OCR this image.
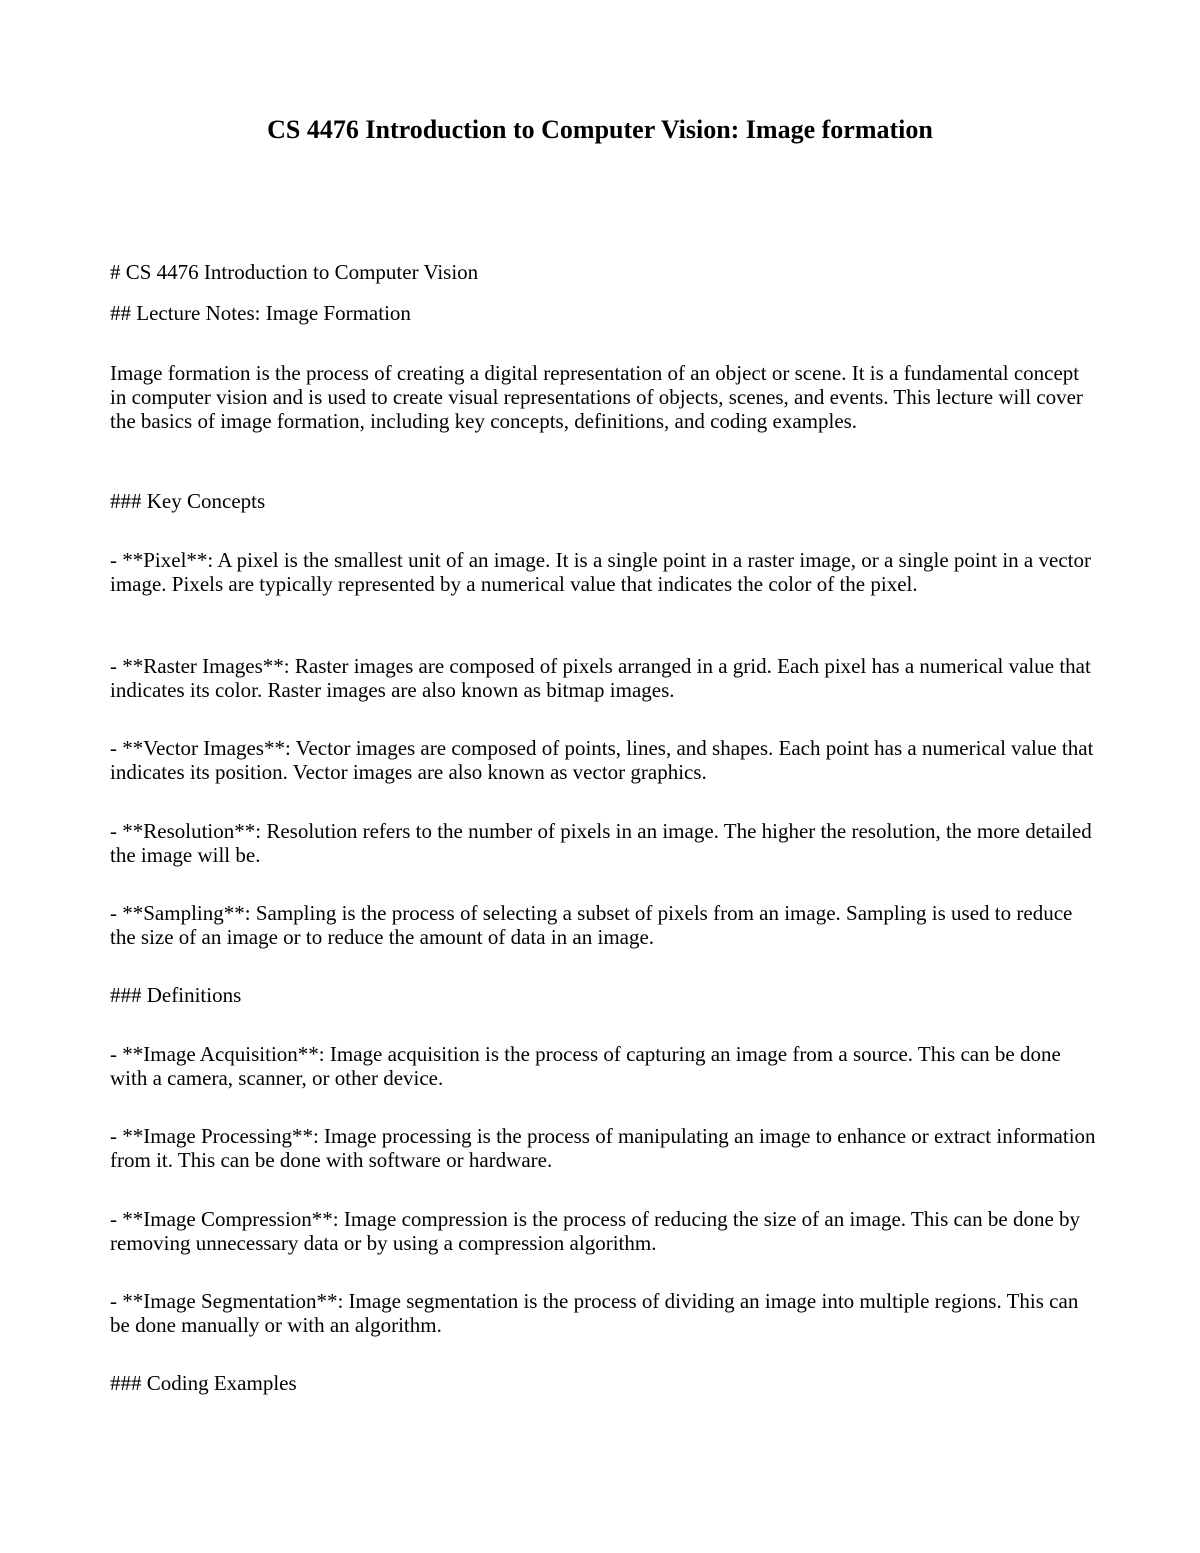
CS 4476 Introduction to Computer Vision: Image formation

# CS 4476 Introduction to Computer Vision

## Lecture Notes: Image Formation

Image formation is the process of creating a digital representation of an object or scene. It is a fundamental concept in computer vision and is used to create visual representations of objects, scenes, and events. This lecture will cover the basics of image formation, including key concepts, definitions, and coding examples.

### Key Concepts

- **Pixel**: A pixel is the smallest unit of an image. It is a single point in a raster image, or a single point in a vector image. Pixels are typically represented by a numerical value that indicates the color of the pixel.

- **Raster Images**: Raster images are composed of pixels arranged in a grid. Each pixel has a numerical value that indicates its color. Raster images are also known as bitmap images.

- **Vector Images**: Vector images are composed of points, lines, and shapes. Each point has a numerical value that indicates its position. Vector images are also known as vector graphics.

- **Resolution**: Resolution refers to the number of pixels in an image. The higher the resolution, the more detailed the image will be.

- **Sampling**: Sampling is the process of selecting a subset of pixels from an image. Sampling is used to reduce the size of an image or to reduce the amount of data in an image.

### Definitions

- **Image Acquisition**: Image acquisition is the process of capturing an image from a source. This can be done with a camera, scanner, or other device.

- **Image Processing**: Image processing is the process of manipulating an image to enhance or extract information from it. This can be done with software or hardware.

- **Image Compression**: Image compression is the process of reducing the size of an image. This can be done by removing unnecessary data or by using a compression algorithm.

- **Image Segmentation**: Image segmentation is the process of dividing an image into multiple regions. This can be done manually or with an algorithm.

### Coding Examples
